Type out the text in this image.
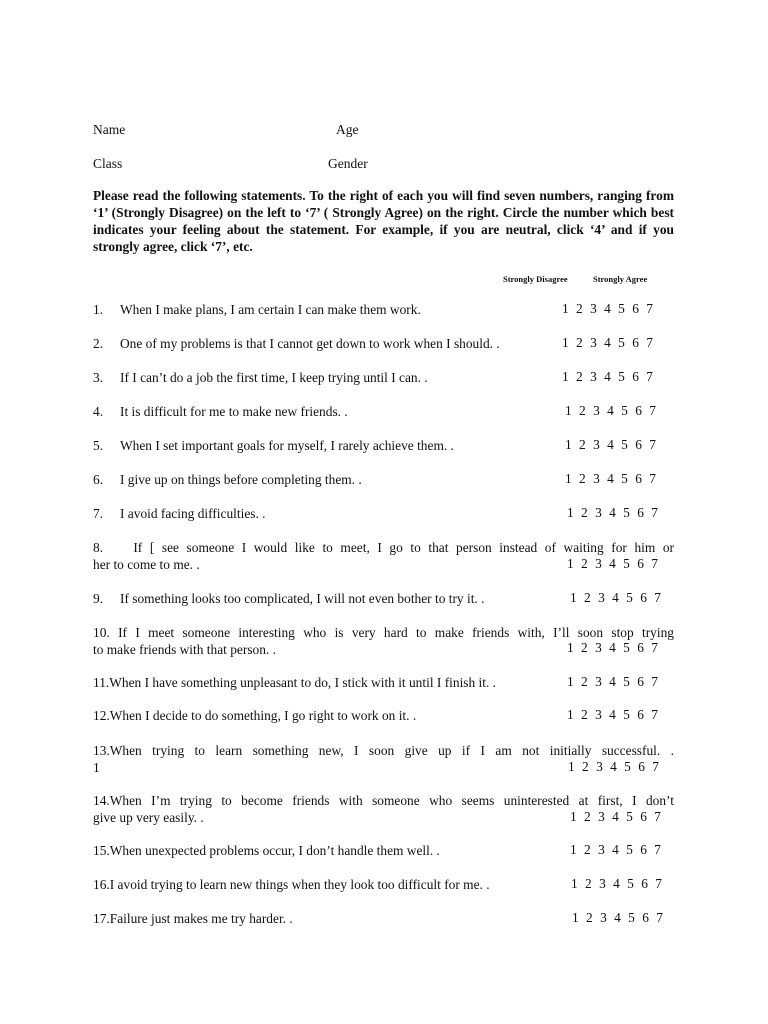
Name	Age
Class	Gender
Please read the following statements. To the right of each you will find seven numbers, ranging from ‘1’ (Strongly Disagree) on the left to ‘7’ ( Strongly Agree) on the right. Circle the number which best indicates your feeling about the statement. For example, if you are neutral, click ‘4’ and if you strongly agree, click ‘7’, etc.
Strongly Disagree	Strongly Agree
1. When I make plans, I am certain I can make them work.	1 2 3 4 5 6 7
2. One of my problems is that I cannot get down to work when I should. .	1 2 3 4 5 6 7
3. If I can’t do a job the first time, I keep trying until I can. .	1 2 3 4 5 6 7
4. It is difficult for me to make new friends. .	1 2 3 4 5 6 7
5. When I set important goals for myself, I rarely achieve them. .	1 2 3 4 5 6 7
6. I give up on things before completing them. .	1 2 3 4 5 6 7
7. I avoid facing difficulties. .	1 2 3 4 5 6 7
8. If [ see someone I would like to meet, I go to that person instead of waiting for him or
her to come to me. .	1 2 3 4 5 6 7
9. If something looks too complicated, I will not even bother to try it. .	1 2 3 4 5 6 7
10. If I meet someone interesting who is very hard to make friends with, I’ll soon stop trying
to make friends with that person. .	1 2 3 4 5 6 7
11.When I have something unpleasant to do, I stick with it until I finish it. .	1 2 3 4 5 6 7
12.When I decide to do something, I go right to work on it. .	1 2 3 4 5 6 7
13.When trying to learn something new, I soon give up if I am not initially successful. .
1	1 2 3 4 5 6 7
14.When I’m trying to become friends with someone who seems uninterested at first, I don’t
give up very easily. .	1 2 3 4 5 6 7
15.When unexpected problems occur, I don’t handle them well. .	1 2 3 4 5 6 7
16.I avoid trying to learn new things when they look too difficult for me. .	1 2 3 4 5 6 7
17.Failure just makes me try harder. .	1 2 3 4 5 6 7
